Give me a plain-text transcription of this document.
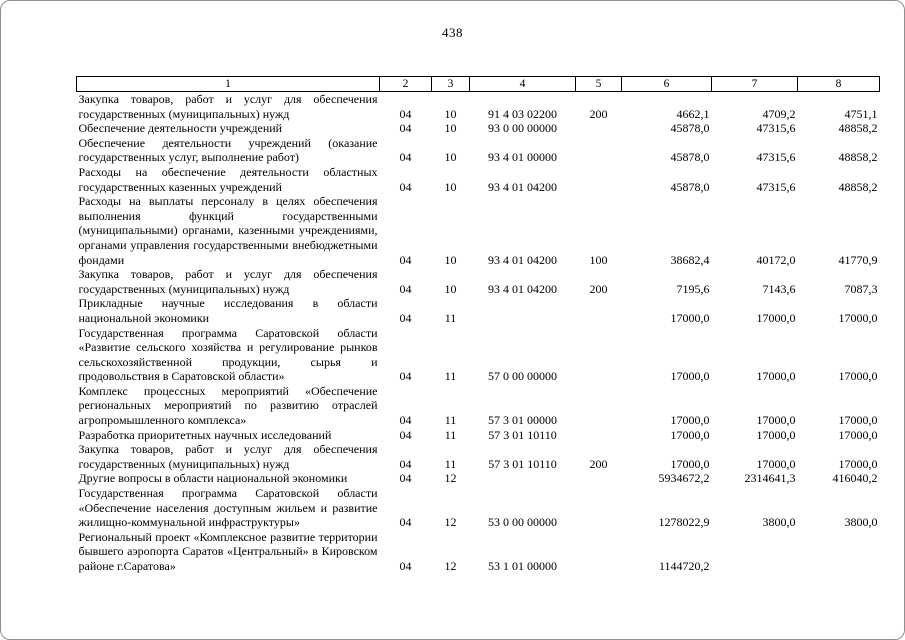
438
1	2	3	4	5	6	7	8
Закупка товаров, работ и услуг для обеспечения государственных (муниципальных) нужд	04	10	91 4 03 02200	200	4662,1	4709,2	4751,1
Обеспечение деятельности учреждений	04	10	93 0 00 00000		45878,0	47315,6	48858,2
Обеспечение деятельности учреждений (оказание государственных услуг, выполнение работ)	04	10	93 4 01 00000		45878,0	47315,6	48858,2
Расходы на обеспечение деятельности областных государственных казенных учреждений	04	10	93 4 01 04200		45878,0	47315,6	48858,2
Расходы на выплаты персоналу в целях обеспечения выполнения функций государственными (муниципальными) органами, казенными учреждениями, органами управления государственными внебюджетными фондами	04	10	93 4 01 04200	100	38682,4	40172,0	41770,9
Закупка товаров, работ и услуг для обеспечения государственных (муниципальных) нужд	04	10	93 4 01 04200	200	7195,6	7143,6	7087,3
Прикладные научные исследования в области национальной экономики	04	11			17000,0	17000,0	17000,0
Государственная программа Саратовской области «Развитие сельского хозяйства и регулирование рынков сельскохозяйственной продукции, сырья и продовольствия в Саратовской области»	04	11	57 0 00 00000		17000,0	17000,0	17000,0
Комплекс процессных мероприятий «Обеспечение региональных мероприятий по развитию отраслей агропромышленного комплекса»	04	11	57 3 01 00000		17000,0	17000,0	17000,0
Разработка приоритетных научных исследований	04	11	57 3 01 10110		17000,0	17000,0	17000,0
Закупка товаров, работ и услуг для обеспечения государственных (муниципальных) нужд	04	11	57 3 01 10110	200	17000,0	17000,0	17000,0
Другие вопросы в области национальной экономики	04	12			5934672,2	2314641,3	416040,2
Государственная программа Саратовской области «Обеспечение населения доступным жильем и развитие жилищно-коммунальной инфраструктуры»	04	12	53 0 00 00000		1278022,9	3800,0	3800,0
Региональный проект «Комплексное развитие территории бывшего аэропорта Саратов «Центральный» в Кировском районе г.Саратова»	04	12	53 1 01 00000		1144720,2		
